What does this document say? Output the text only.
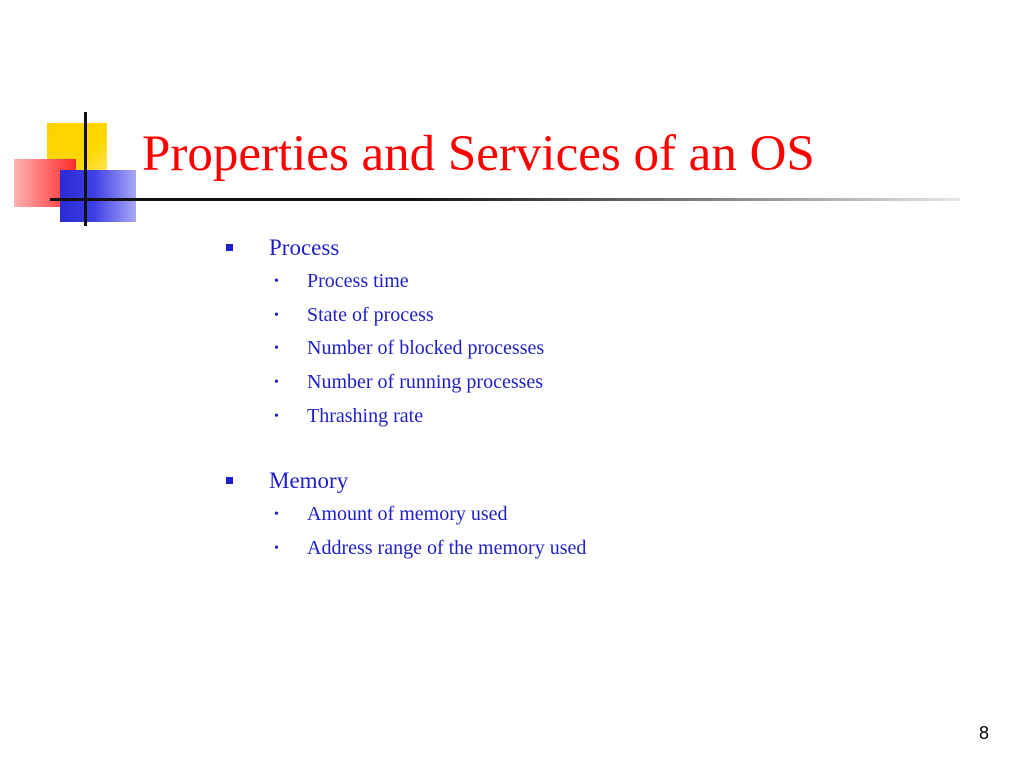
Properties and Services of an OS
Process
• Process time
• State of process
• Number of blocked processes
• Number of running processes
• Thrashing rate
Memory
• Amount of memory used
• Address range of the memory used
8
